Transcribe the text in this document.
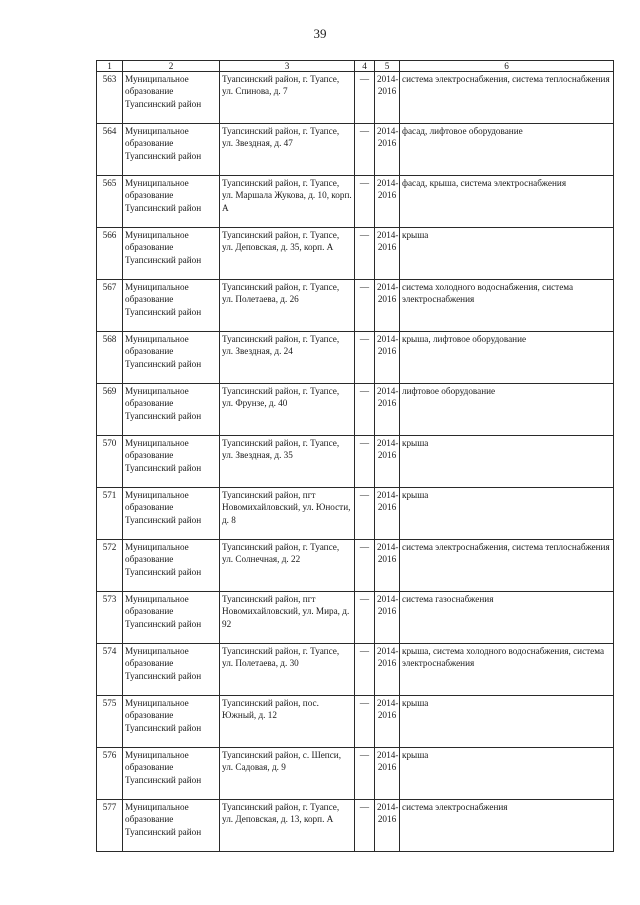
39
1	2	3	4	5	6
563	Муниципальное образование Туапсинский район	Туапсинский район, г. Туапсе, ул. Спинова, д. 7	—	2014-2016	система электроснабжения, система теплоснабжения
564	Муниципальное образование Туапсинский район	Туапсинский район, г. Туапсе, ул. Звездная, д. 47	—	2014-2016	фасад, лифтовое оборудование
565	Муниципальное образование Туапсинский район	Туапсинский район, г. Туапсе, ул. Маршала Жукова, д. 10, корп. А	—	2014-2016	фасад, крыша, система электроснабжения
566	Муниципальное образование Туапсинский район	Туапсинский район, г. Туапсе, ул. Деповская, д. 35, корп. А	—	2014-2016	крыша
567	Муниципальное образование Туапсинский район	Туапсинский район, г. Туапсе, ул. Полетаева, д. 26	—	2014-2016	система холодного водоснабжения, система электроснабжения
568	Муниципальное образование Туапсинский район	Туапсинский район, г. Туапсе, ул. Звездная, д. 24	—	2014-2016	крыша, лифтовое оборудование
569	Муниципальное образование Туапсинский район	Туапсинский район, г. Туапсе, ул. Фрунзе, д. 40	—	2014-2016	лифтовое оборудование
570	Муниципальное образование Туапсинский район	Туапсинский район, г. Туапсе, ул. Звездная, д. 35	—	2014-2016	крыша
571	Муниципальное образование Туапсинский район	Туапсинский район, пгт Новомихайловский, ул. Юности, д. 8	—	2014-2016	крыша
572	Муниципальное образование Туапсинский район	Туапсинский район, г. Туапсе, ул. Солнечная, д. 22	—	2014-2016	система электроснабжения, система теплоснабжения
573	Муниципальное образование Туапсинский район	Туапсинский район, пгт Новомихайловский, ул. Мира, д. 92	—	2014-2016	система газоснабжения
574	Муниципальное образование Туапсинский район	Туапсинский район, г. Туапсе, ул. Полетаева, д. 30	—	2014-2016	крыша, система холодного водоснабжения, система электроснабжения
575	Муниципальное образование Туапсинский район	Туапсинский район, пос. Южный, д. 12	—	2014-2016	крыша
576	Муниципальное образование Туапсинский район	Туапсинский район, с. Шепси, ул. Садовая, д. 9	—	2014-2016	крыша
577	Муниципальное образование Туапсинский район	Туапсинский район, г. Туапсе, ул. Деповская, д. 13, корп. А	—	2014-2016	система электроснабжения
